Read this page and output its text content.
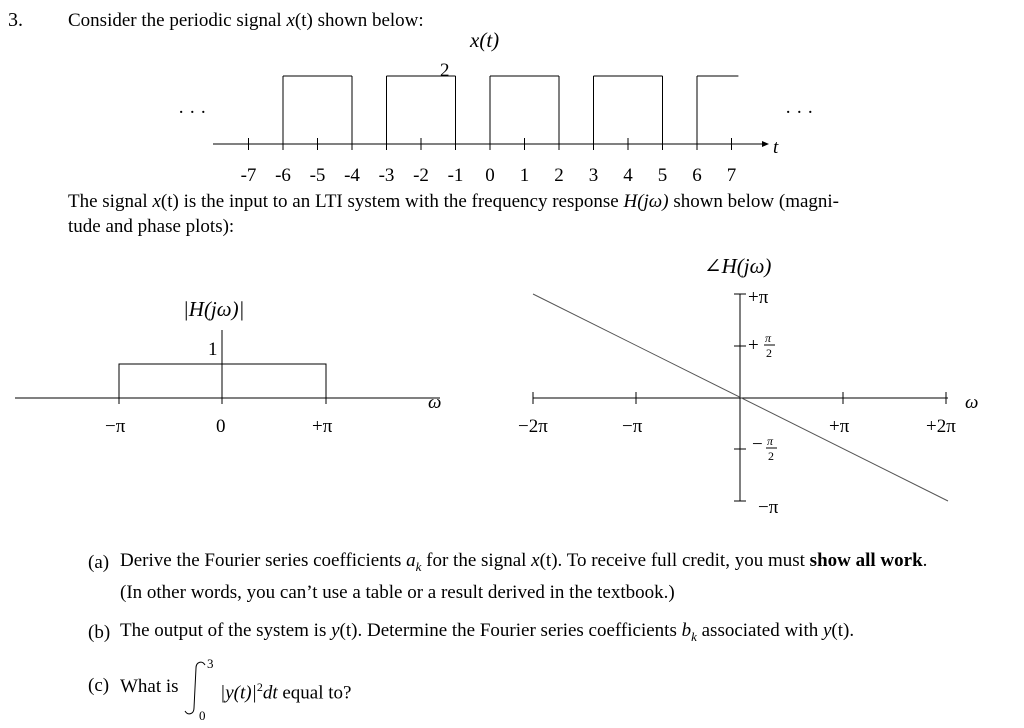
3. Consider the periodic signal x(t) shown below:
x(t)
2
· · ·	· · ·
t
-7 -6 -5 -4 -3 -2 -1 0 1 2 3 4 5 6 7
The signal x(t) is the input to an LTI system with the frequency response H(jω) shown below (magni-
tude and phase plots):
|H(jω)|
ω
1
−π	0	+π
∠H(jω)
ω
−2π	−π	+π	+2π
+π
+ π
2
− π
2
−π
(a) Derive the Fourier series coefficients $a_k$ for the signal x(t). To receive full credit, you must show all work. (In other words, you can’t use a table or a result derived in the textbook.)
(b) The output of the system is y(t). Determine the Fourier series coefficients $b_k$ associated with y(t).
(c) What is
3
0
$|y(t)|^2dt$ equal to?
